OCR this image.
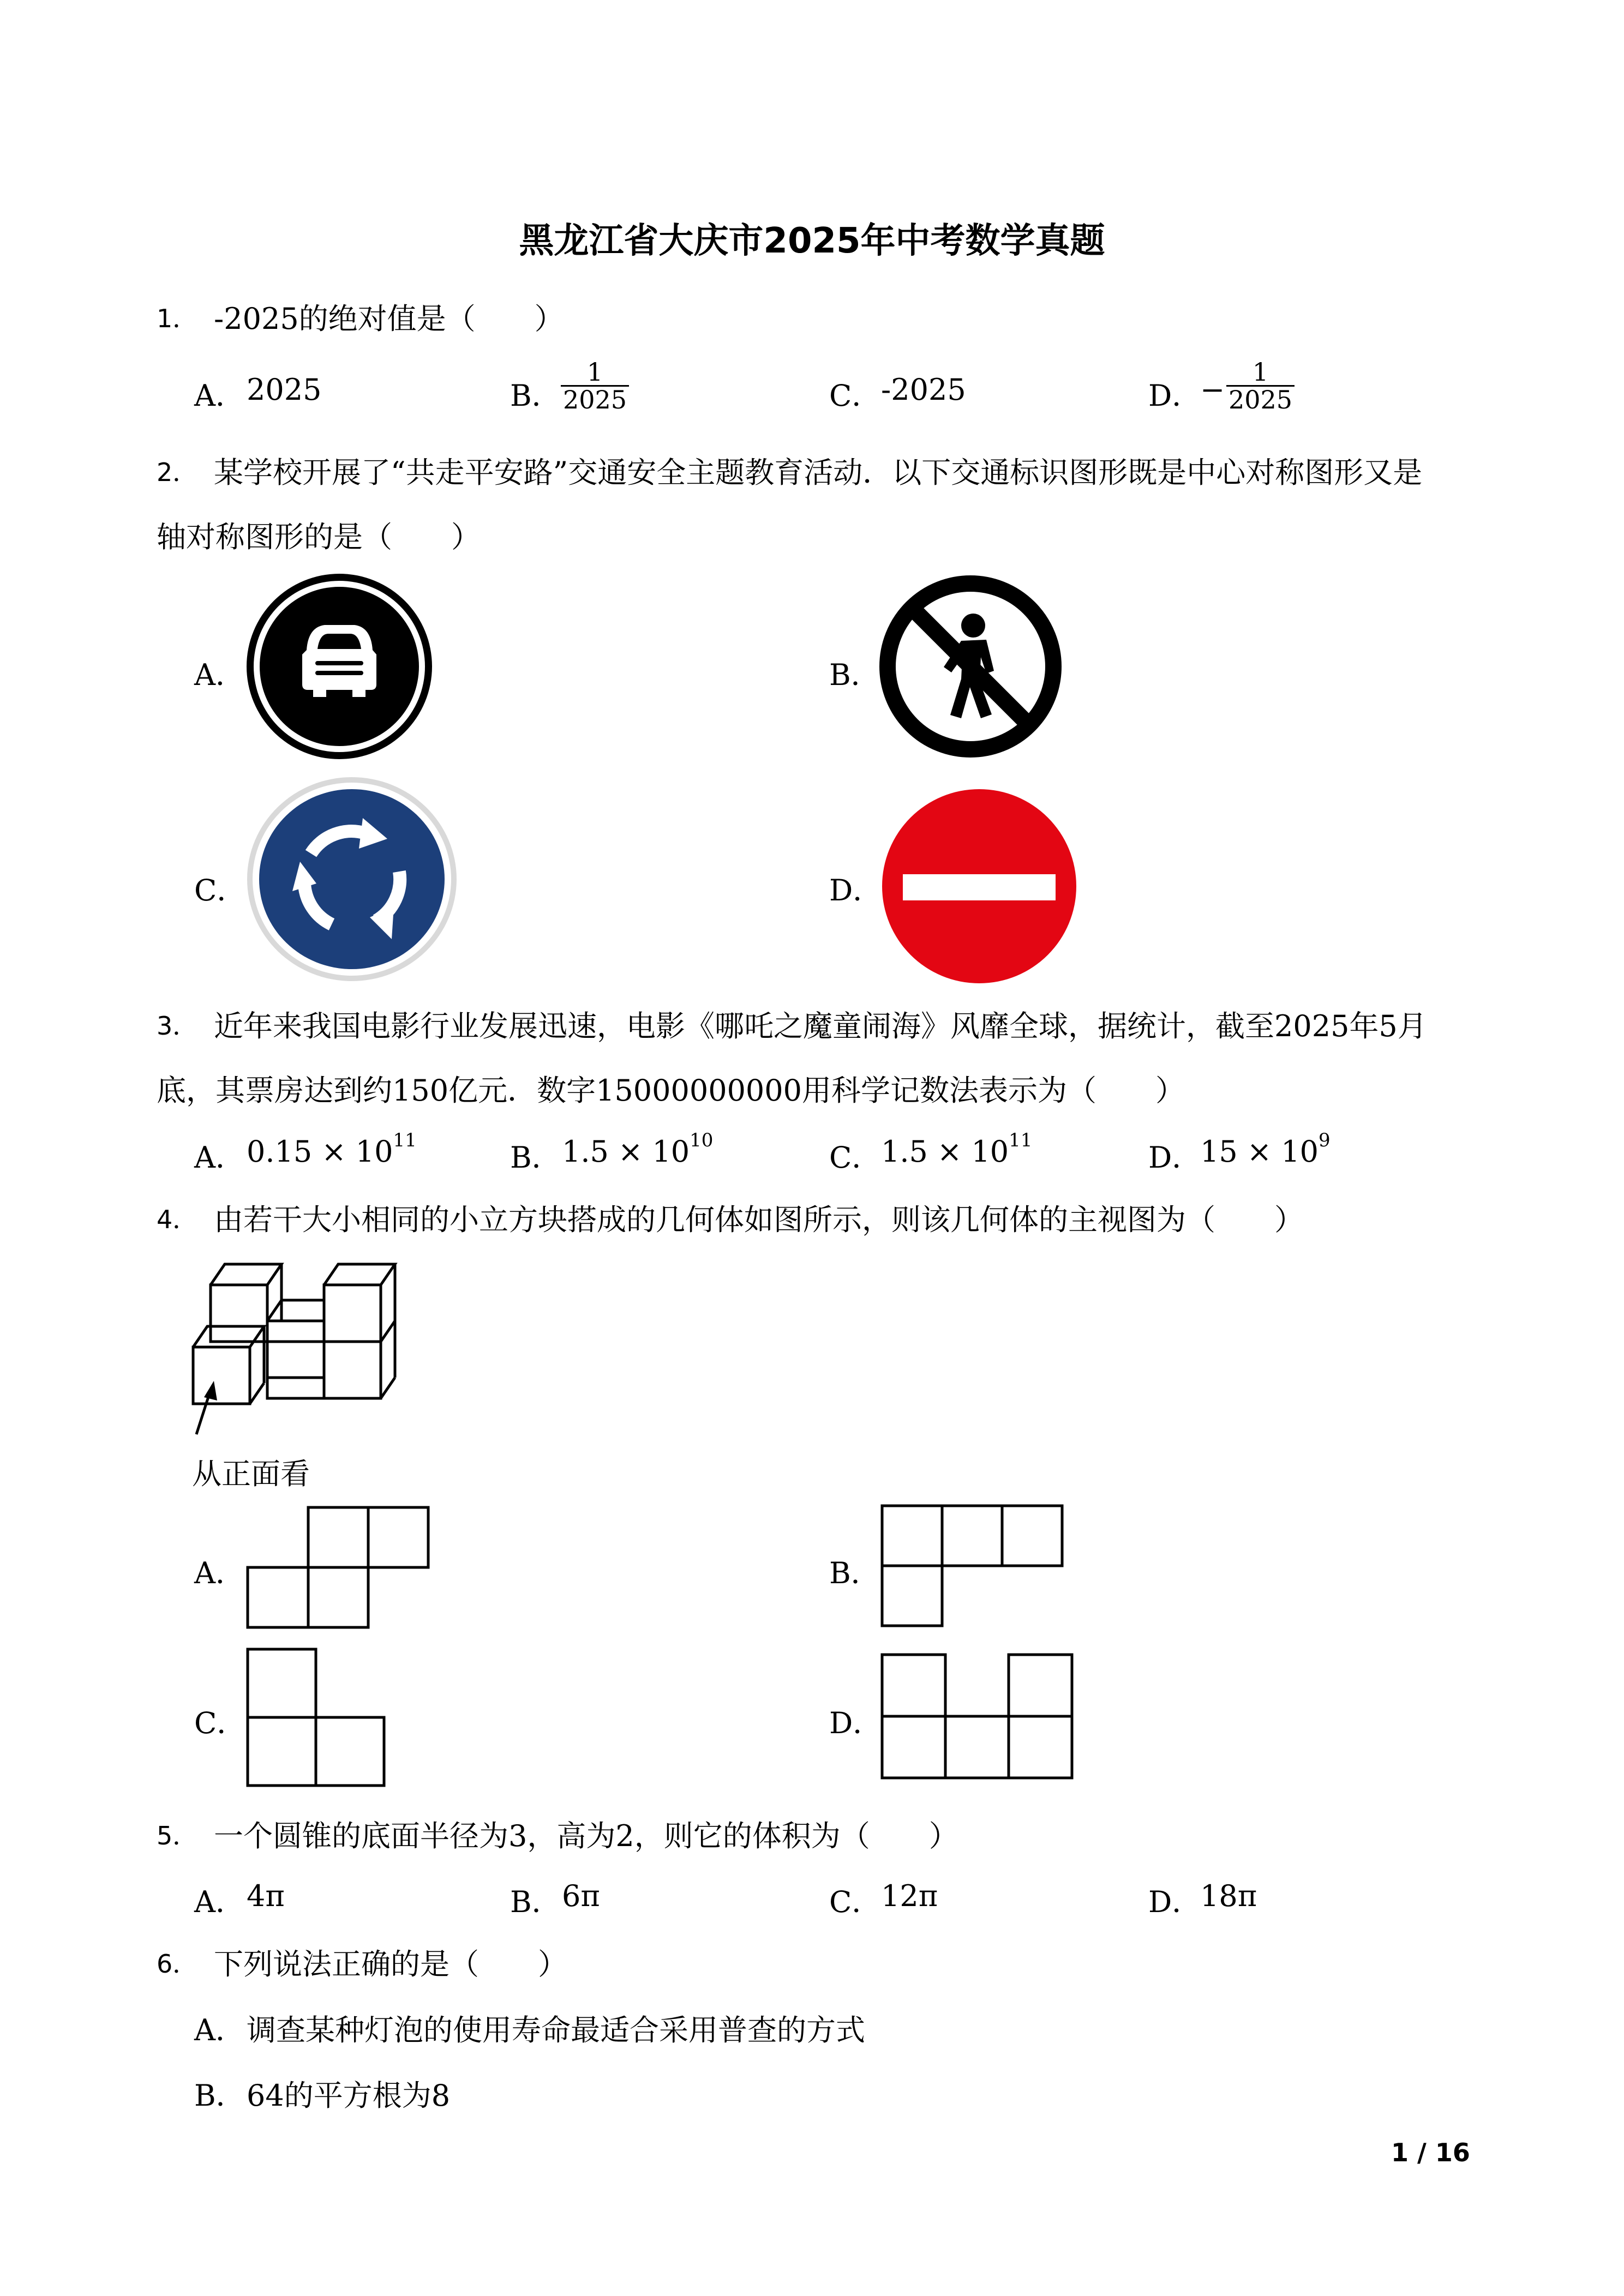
黑龙江省大庆市2025年中考数学真题
1． -2025的绝对值是（　　）
A． 2025	B． $\frac{1}{2025}$	C． -2025	D．
− $\frac{1}{2025}$
2． 某学校开展了“共走平安路”交通安全主题教育活动．以下交通标识图形既是中心对称图形又是
轴对称图形的是（　　）
A．	B．
C．	D．
3． 近年来我国电影行业发展迅速，电影《哪吒之魔童闹海》风靡全球，据统计，截至2025年5月
底，其票房达到约150亿元．数字15000000000用科学记数法表示为（　　）
A． $0.15 \times 10^{11}$	B． $1.5 \times 10^{10}$	C． $1.5 \times 10^{11}$	D．
$15 \times 10^9$
4． 由若干大小相同的小立方块搭成的几何体如图所示，则该几何体的主视图为（　　）
从正面看
A．	B．
C．	D．
5． 一个圆锥的底面半径为3，高为2，则它的体积为（　　）
A． 4π	B． 6π	C． 12π	D．
18π
6． 下列说法正确的是（　　）
A． 调查某种灯泡的使用寿命最适合采用普查的方式
B． 64的平方根为8
1 / 16
